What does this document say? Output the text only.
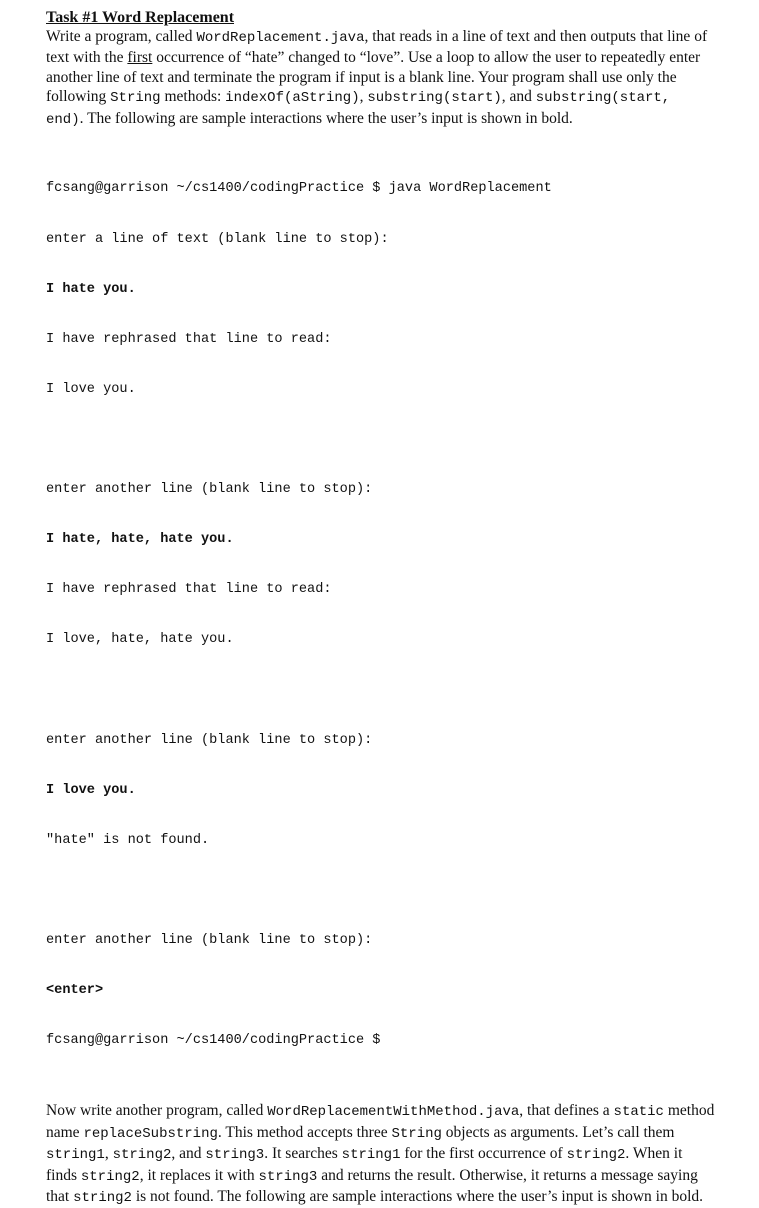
Task #1 Word Replacement

Write a program, called WordReplacement.java, that reads in a line of text and then outputs that line of text with the first occurrence of “hate” changed to “love”. Use a loop to allow the user to repeatedly enter another line of text and terminate the program if input is a blank line. Your program shall use only the following String methods: indexOf(aString), substring(start), and substring(start, end). The following are sample interactions where the user’s input is shown in bold.

fcsang@garrison ~/cs1400/codingPractice $ java WordReplacement

enter a line of text (blank line to stop):

I hate you.

I have rephrased that line to read:

I love you.

enter another line (blank line to stop):

I hate, hate, hate you.

I have rephrased that line to read:

I love, hate, hate you.

enter another line (blank line to stop):

I love you.

"hate" is not found.

enter another line (blank line to stop):

<enter>

fcsang@garrison ~/cs1400/codingPractice $

Now write another program, called WordReplacementWithMethod.java, that defines a static method name replaceSubstring. This method accepts three String objects as arguments. Let’s call them string1, string2, and string3. It searches string1 for the first occurrence of string2. When it finds string2, it replaces it with string3 and returns the result. Otherwise, it returns a message saying that string2 is not found. The following are sample interactions where the user’s input is shown in bold.
